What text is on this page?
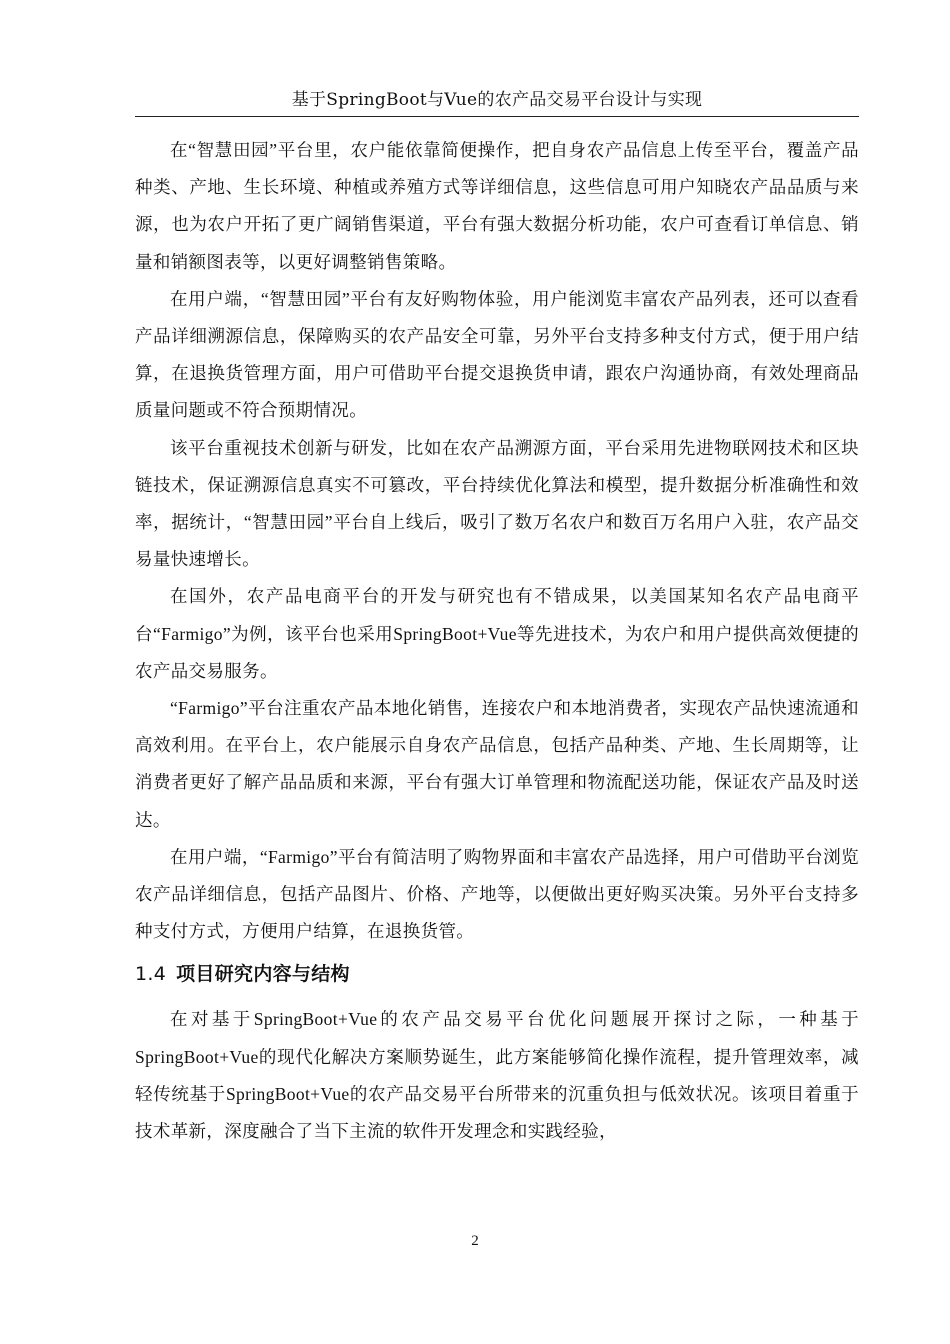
基于SpringBoot与Vue的农产品交易平台设计与实现

在“智慧田园”平台里，农户能依靠简便操作，把自身农产品信息上传至平台，覆盖产品种类、产地、生长环境、种植或养殖方式等详细信息，这些信息可用户知晓农产品品质与来源，也为农户开拓了更广阔销售渠道，平台有强大数据分析功能，农户可查看订单信息、销量和销额图表等，以更好调整销售策略。

在用户端，“智慧田园”平台有友好购物体验，用户能浏览丰富农产品列表，还可以查看产品详细溯源信息，保障购买的农产品安全可靠，另外平台支持多种支付方式，便于用户结算，在退换货管理方面，用户可借助平台提交退换货申请，跟农户沟通协商，有效处理商品质量问题或不符合预期情况。

该平台重视技术创新与研发，比如在农产品溯源方面，平台采用先进物联网技术和区块链技术，保证溯源信息真实不可篡改，平台持续优化算法和模型，提升数据分析准确性和效率，据统计，“智慧田园”平台自上线后，吸引了数万名农户和数百万名用户入驻，农产品交易量快速增长。

在国外，农产品电商平台的开发与研究也有不错成果，以美国某知名农产品电商平台“Farmigo”为例，该平台也采用SpringBoot+Vue等先进技术，为农户和用户提供高效便捷的农产品交易服务。

“Farmigo”平台注重农产品本地化销售，连接农户和本地消费者，实现农产品快速流通和高效利用。在平台上，农户能展示自身农产品信息，包括产品种类、产地、生长周期等，让消费者更好了解产品品质和来源，平台有强大订单管理和物流配送功能，保证农产品及时送达。

在用户端，“Farmigo”平台有简洁明了购物界面和丰富农产品选择，用户可借助平台浏览农产品详细信息，包括产品图片、价格、产地等，以便做出更好购买决策。另外平台支持多种支付方式，方便用户结算，在退换货管。

1.4 项目研究内容与结构

在对基于SpringBoot+Vue的农产品交易平台优化问题展开探讨之际，一种基于SpringBoot+Vue的现代化解决方案顺势诞生，此方案能够简化操作流程，提升管理效率，减轻传统基于SpringBoot+Vue的农产品交易平台所带来的沉重负担与低效状况。该项目着重于技术革新，深度融合了当下主流的软件开发理念和实践经验，

2
